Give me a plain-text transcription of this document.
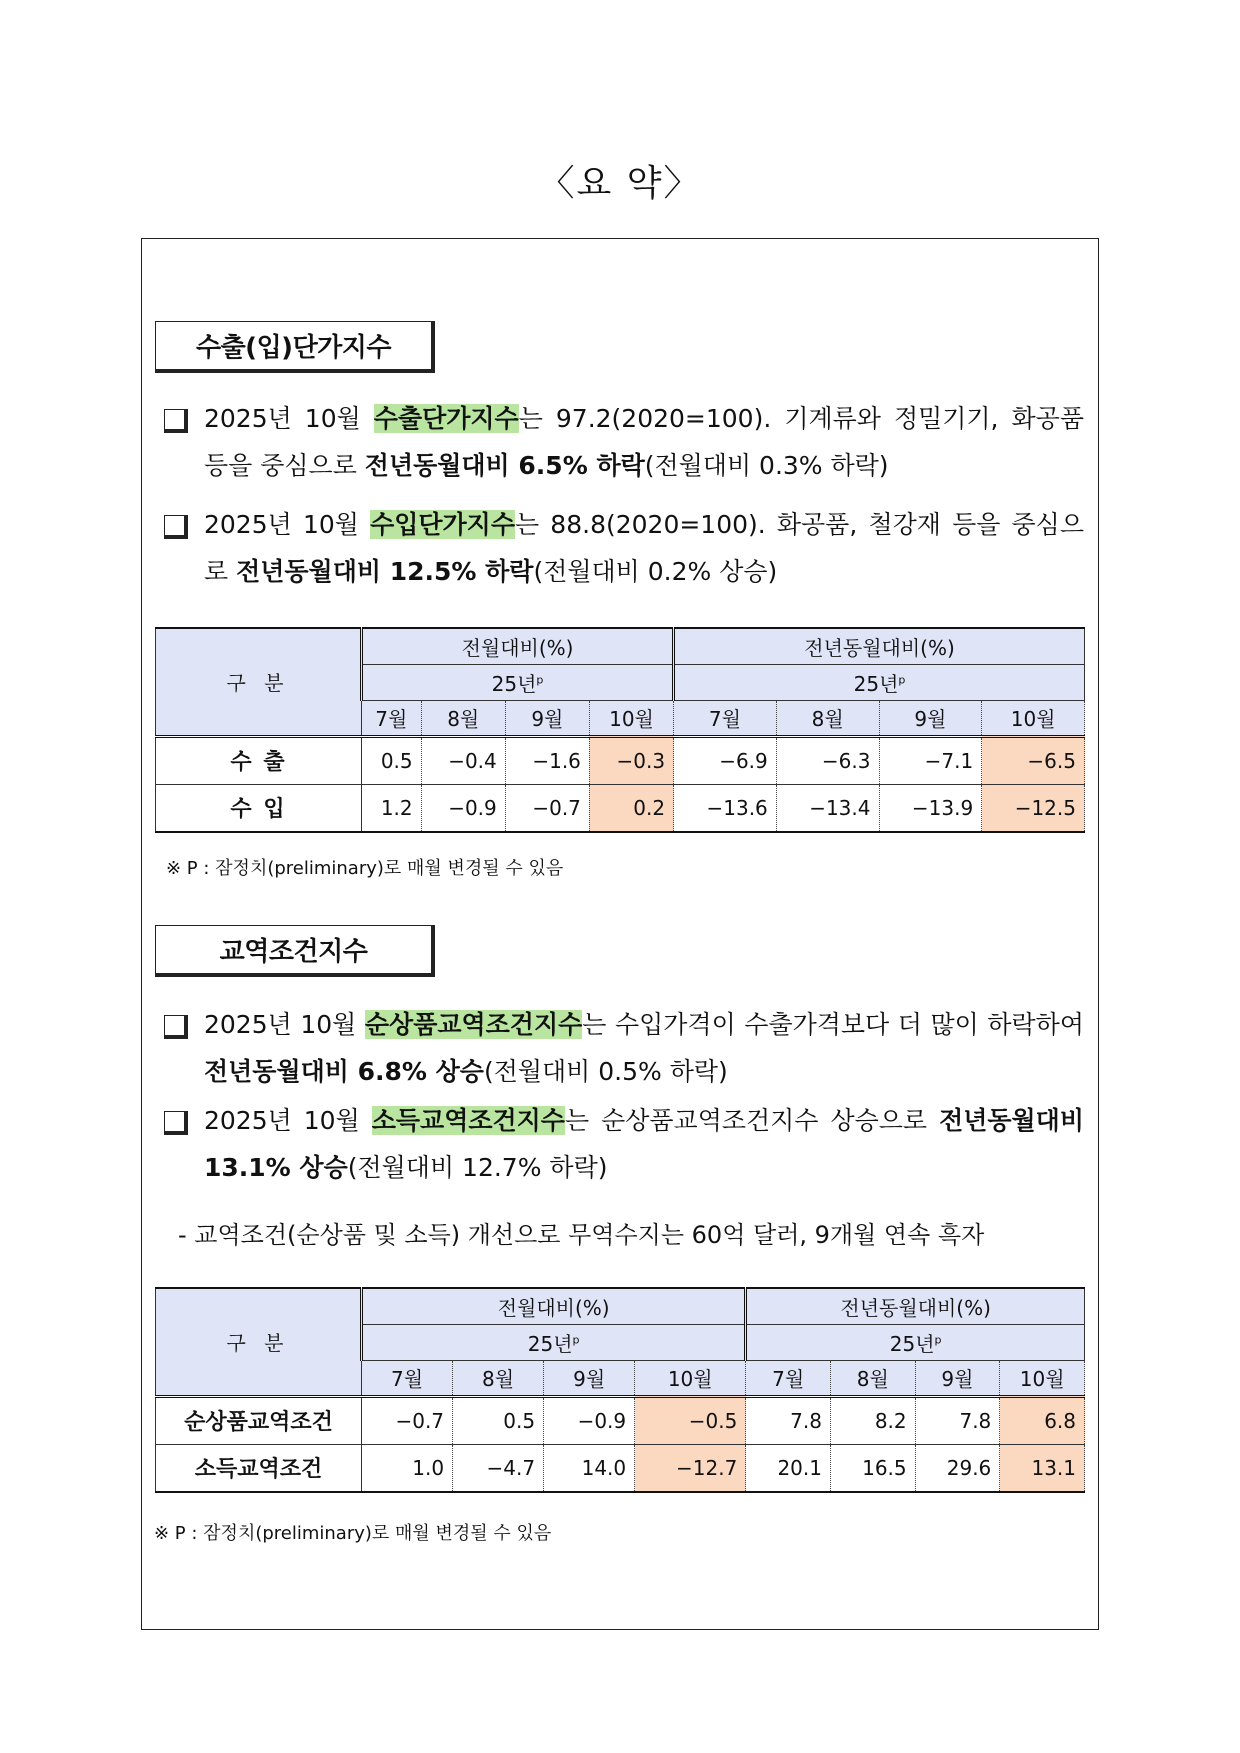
〈요 약〉
수출(입)단가지수
2025년 10월 수출단가지수는 97.2(2020=100). 기계류와 정밀기기, 화공품 등을 중심으로 전년동월대비 6.5% 하락(전월대비 0.3% 하락)
2025년 10월 수입단가지수는 88.8(2020=100). 화공품, 철강재 등을 중심으로 전년동월대비 12.5% 하락(전월대비 0.2% 상승)
구 분	전월대비(%)				전년동월대비(%)			
	25년$^p$				25년$^p$
	7월	8월	9월	10월	7월	8월	9월	10월
수 출	0.5	−0.4	−1.6	−0.3	−6.9	−6.3	−7.1	−6.5
수 입	1.2	−0.9	−0.7	0.2	−13.6	−13.4	−13.9	−12.5
※ P : 잠정치(preliminary)로 매월 변경될 수 있음
교역조건지수
2025년 10월 순상품교역조건지수는 수입가격이 수출가격보다 더 많이 하락하여 전년동월대비 6.8% 상승(전월대비 0.5% 하락)
2025년 10월 소득교역조건지수는 순상품교역조건지수 상승으로 전년동월대비 13.1% 상승(전월대비 12.7% 하락)
- 교역조건(순상품 및 소득) 개선으로 무역수지는 60억 달러, 9개월 연속 흑자
구 분	전월대비(%)				전년동월대비(%)			
	25년$^p$				25년$^p$
	7월	8월	9월	10월	7월	8월	9월	10월
순상품교역조건	−0.7	0.5	−0.9	−0.5	7.8	8.2	7.8	6.8
소득교역조건	1.0	−4.7	14.0	−12.7	20.1	16.5	29.6	13.1
※ P : 잠정치(preliminary)로 매월 변경될 수 있음
